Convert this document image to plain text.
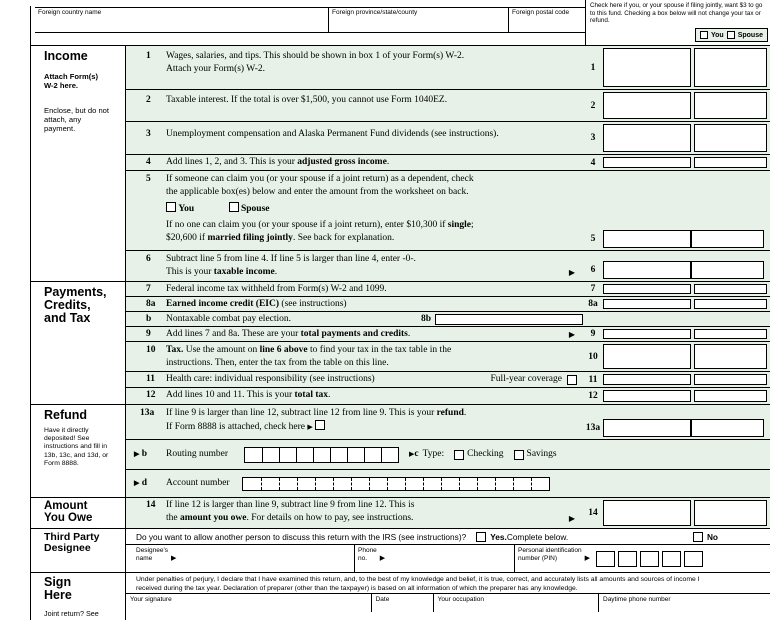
Foreign country name	Foreign province/state/county	Foreign postal code

Check here if you, or your spouse if filing jointly, want $3 to go to this fund. Checking a box below will not change your tax or refund.

You Spouse
Income

Attach Form(s) W-2 here.

Enclose, but do not attach, any payment.

1	Wages, salaries, and tips. This should be shown in box 1 of your Form(s) W-2.
Attach your Form(s) W-2.	1
2	Taxable interest. If the total is over $1,500, you cannot use Form 1040EZ.
2
3	Unemployment compensation and Alaska Permanent Fund dividends (see instructions).	3
4	Add lines 1, 2, and 3. This is your adjusted gross income.	4
5	If someone can claim you (or your spouse if a joint return) as a dependent, check
the applicable box(es) below and enter the amount from the worksheet on back.
You	Spouse
If no one can claim you (or your spouse if a joint return), enter $10,300 if single;
$20,600 if married filing jointly. See back for explanation.	5
6	Subtract line 5 from line 4. If line 5 is larger than line 4, enter -0-.
This is your taxable income.	▶	6
Payments, Credits, and Tax
7	Federal income tax withheld from Form(s) W-2 and 1099.	7
8a	Earned income credit (EIC) (see instructions)	8a
b	Nontaxable combat pay election.	8b
9	Add lines 7 and 8a. These are your total payments and credits.	▶	9
10	Tax. Use the amount on line 6 above to find your tax in the tax table in the
instructions. Then, enter the tax from the table on this line.
10
11	Health care: individual responsibility (see instructions)	Full-year coverage	11
12	Add lines 10 and 11. This is your total tax.	12
Refund

Have it directly deposited! See instructions and fill in 13b, 13c, and 13d, or Form 8888.

13a	If line 9 is larger than line 12, subtract line 12 from line 9. This is your refund.
If Form 8888 is attached, check here ▶	13a
▶ b	Routing number	▶c Type: Checking Savings
▶ d	Account number
Amount You Owe
14	If line 12 is larger than line 9, subtract line 9 from line 12. This is
the amount you owe. For details on how to pay, see instructions.	▶
14
Third Party Designee
Do you want to allow another person to discuss this return with the IRS (see instructions)?	Yes. Complete below.	No
Designee’s
name	▶
Phone
no.	▶
Personal identification
number (PIN)	▶
Sign Here

Joint return? See

Under penalties of perjury, I declare that I have examined this return, and, to the best of my knowledge and belief, it is true, correct, and accurately lists all amounts and sources of income I received during the tax year. Declaration of preparer (other than the taxpayer) is based on all information of which the preparer has any knowledge.
Your signature	Date	Your occupation	Daytime phone number
